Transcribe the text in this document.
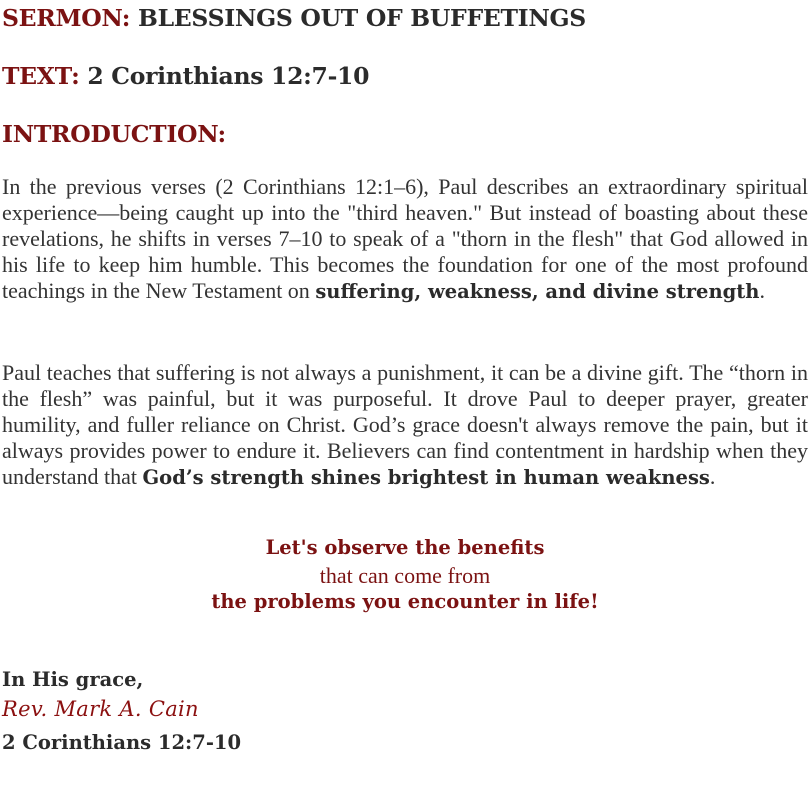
SERMON: BLESSINGS OUT OF BUFFETINGS
TEXT: 2 Corinthians 12:7-10
INTRODUCTION:

In the previous verses (2 Corinthians 12:1–6), Paul describes an extraordinary spiritual experience—being caught up into the "third heaven." But instead of boasting about these revelations, he shifts in verses 7–10 to speak of a "thorn in the flesh" that God allowed in his life to keep him humble. This becomes the foundation for one of the most profound teachings in the New Testament on suffering, weakness, and divine strength.

Paul teaches that suffering is not always a punishment, it can be a divine gift. The “thorn in the flesh” was painful, but it was purposeful. It drove Paul to deeper prayer, greater humility, and fuller reliance on Christ. God’s grace doesn't always remove the pain, but it always provides power to endure it. Believers can find contentment in hardship when they understand that God’s strength shines brightest in human weakness.

Let's observe the benefits

that can come from

the problems you encounter in life!

In His grace,

Rev. Mark A. Cain

2 Corinthians 12:7-10
